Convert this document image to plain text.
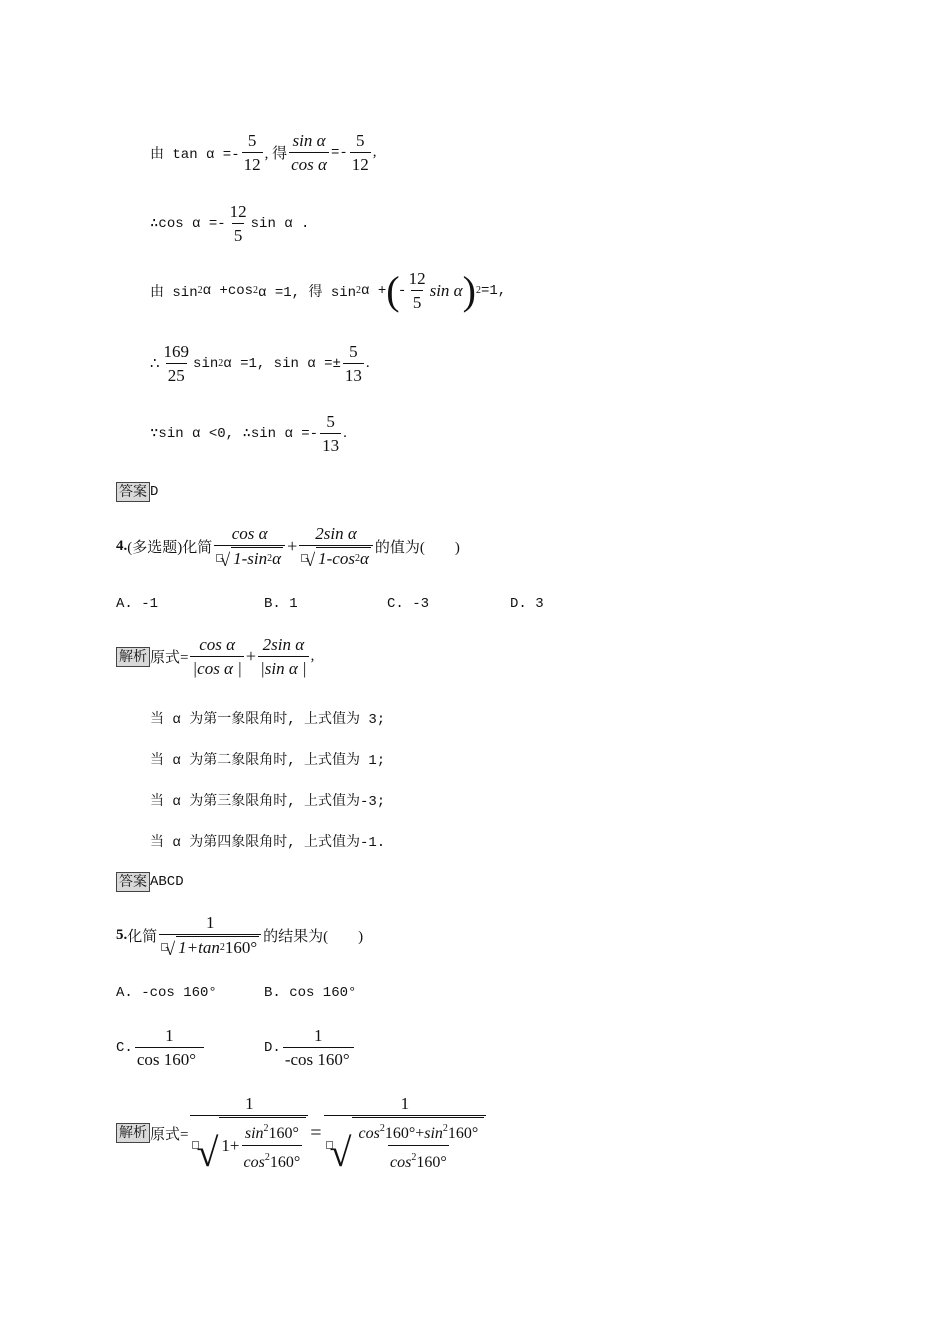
由 $\tan \alpha =- \frac{5}{12}$ , 得 $\frac{\text{sin α}}{\text{cos α}} =- \frac{5}{12}$ ,
∴cos $\alpha =- \frac{12}{5}$ sin α .
由 sin 2 α +cos 2 α =1, 得 sin 2 α + ( - $\frac{12}{5}$ sin α ) 2 =1,
∴ $\frac{169}{25}$ sin 2 α =1, $\sin \alpha =\pm \frac{5}{13}$ .
∵sin α <0, ∴sin $\alpha =- \frac{5}{13}$ .
答案 D
4. (多选题)化简 $\frac{\text{cos α}}{√ 1-\sin 2 \alpha} + \frac{\text{2sin α}}{√ 1-\cos 2 \alpha}$ 的值为(　　)
A. -1	B. 1	C. -3	D. 3
解析 原式= $\frac{\text{cos α}}{\text{|cos α |}} + \frac{\text{2sin α}}{\text{|sin α |}}$ ,
当 α 为第一象限角时, 上式值为 3;
当 α 为第二象限角时, 上式值为 1;
当 α 为第三象限角时, 上式值为-3;
当 α 为第四象限角时, 上式值为-1.
答案 ABCD
5. 化简 $\frac{1}{√ 1+\tan 2 160^\circ}$ 的结果为(　　)
A. -cos 160°	B. cos 160°
C. $\frac{1}{\cos 160^\circ}$	D. $\frac{1}{-\cos 160^\circ}$
解析 原式=
1
√ $1+ \frac{\sin^2160^\circ}{\cos^2160^\circ}$ =
1
√ $\frac{\cos^2160^\circ+\sin^2160^\circ}{\cos^2160^\circ}$
